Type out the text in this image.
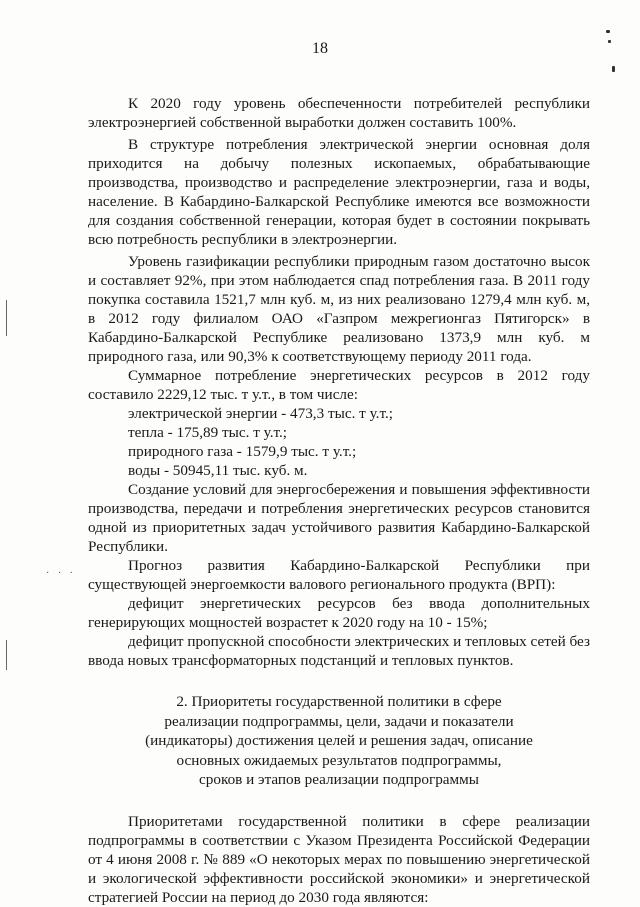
18
· · ·

К 2020 году уровень обеспеченности потребителей республики электроэнергией собственной выработки должен составить 100%.

В структуре потребления электрической энергии основная доля приходится на добычу полезных ископаемых, обрабатывающие производства, производство и распределение электроэнергии, газа и воды, население. В Кабардино-Балкарской Республике имеются все возможности для создания собственной генерации, которая будет в состоянии покрывать всю потребность республики в электроэнергии.

Уровень газификации республики природным газом достаточно высок и составляет 92%, при этом наблюдается спад потребления газа. В 2011 году покупка составила 1521,7 млн куб. м, из них реализовано 1279,4 млн куб. м, в 2012 году филиалом ОАО «Газпром межрегионгаз Пятигорск» в Кабардино-Балкарской Республике реализовано 1373,9 млн куб. м природного газа, или 90,3% к соответствующему периоду 2011 года.

Суммарное потребление энергетических ресурсов в 2012 году составило 2229,12 тыс. т у.т., в том числе:

электрической энергии - 473,3 тыс. т у.т.;

тепла - 175,89 тыс. т у.т.;

природного газа - 1579,9 тыс. т у.т.;

воды - 50945,11 тыс. куб. м.

Создание условий для энергосбережения и повышения эффективности производства, передачи и потребления энергетических ресурсов становится одной из приоритетных задач устойчивого развития Кабардино-Балкарской Республики.

Прогноз развития Кабардино-Балкарской Республики при существующей энергоемкости валового регионального продукта (ВРП):

дефицит энергетических ресурсов без ввода дополнительных генерирующих мощностей возрастет к 2020 году на 10 - 15%;

дефицит пропускной способности электрических и тепловых сетей без ввода новых трансформаторных подстанций и тепловых пунктов.

2. Приоритеты государственной политики в сфере
реализации подпрограммы, цели, задачи и показатели
(индикаторы) достижения целей и решения задач, описание
основных ожидаемых результатов подпрограммы,
сроков и этапов реализации подпрограммы

Приоритетами государственной политики в сфере реализации подпрограммы в соответствии с Указом Президента Российской Федерации от 4 июня 2008 г. № 889 «О некоторых мерах по повышению энергетической и экологической эффективности российской экономики» и энергетической стратегией России на период до 2030 года являются:
